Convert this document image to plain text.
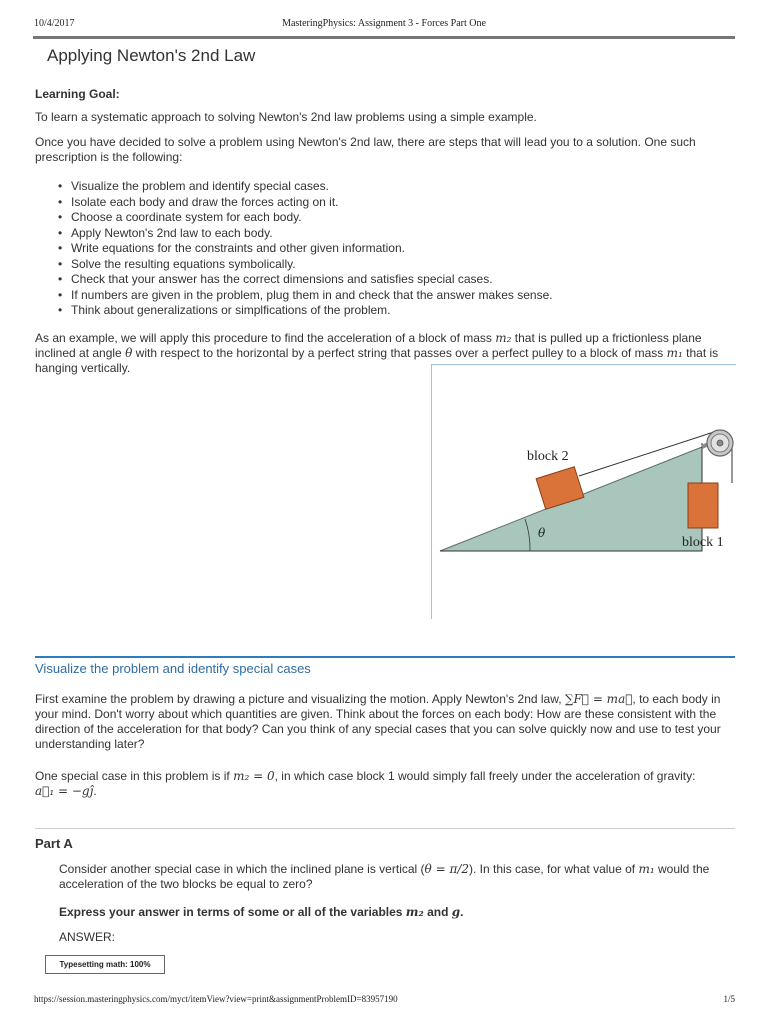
10/4/2017	MasteringPhysics: Assignment 3 - Forces Part One
Applying Newton's 2nd Law
Learning Goal:
To learn a systematic approach to solving Newton's 2nd law problems using a simple example.
Once you have decided to solve a problem using Newton's 2nd law, there are steps that will lead you to a solution. One such prescription is the following:
• Visualize the problem and identify special cases.
• Isolate each body and draw the forces acting on it.
• Choose a coordinate system for each body.
• Apply Newton's 2nd law to each body.
• Write equations for the constraints and other given information.
• Solve the resulting equations symbolically.
• Check that your answer has the correct dimensions and satisfies special cases.
• If numbers are given in the problem, plug them in and check that the answer makes sense.
• Think about generalizations or simplfications of the problem.
As an example, we will apply this procedure to find the acceleration of a block of mass m₂ that is pulled up a frictionless plane inclined at angle θ with respect to the horizontal by a perfect string that passes over a perfect pulley to a block of mass m₁ that is hanging vertically.
θ
block 2
block 1
Visualize the problem and identify special cases
First examine the problem by drawing a picture and visualizing the motion. Apply Newton's 2nd law, ∑F⃗ = ma⃗, to each body in your mind. Don't worry about which quantities are given. Think about the forces on each body: How are these consistent with the direction of the acceleration for that body? Can you think of any special cases that you can solve quickly now and use to test your understanding later?
One special case in this problem is if m₂ = 0, in which case block 1 would simply fall freely under the acceleration of gravity:
a⃗₁ = −gĵ.
Part A
Consider another special case in which the inclined plane is vertical (θ = π/2). In this case, for what value of m₁ would the acceleration of the two blocks be equal to zero?
Express your answer in terms of some or all of the variables m₂ and g.
ANSWER:
Typesetting math: 100%
https://session.masteringphysics.com/myct/itemView?view=print&assignmentProblemID=83957190	1/5
